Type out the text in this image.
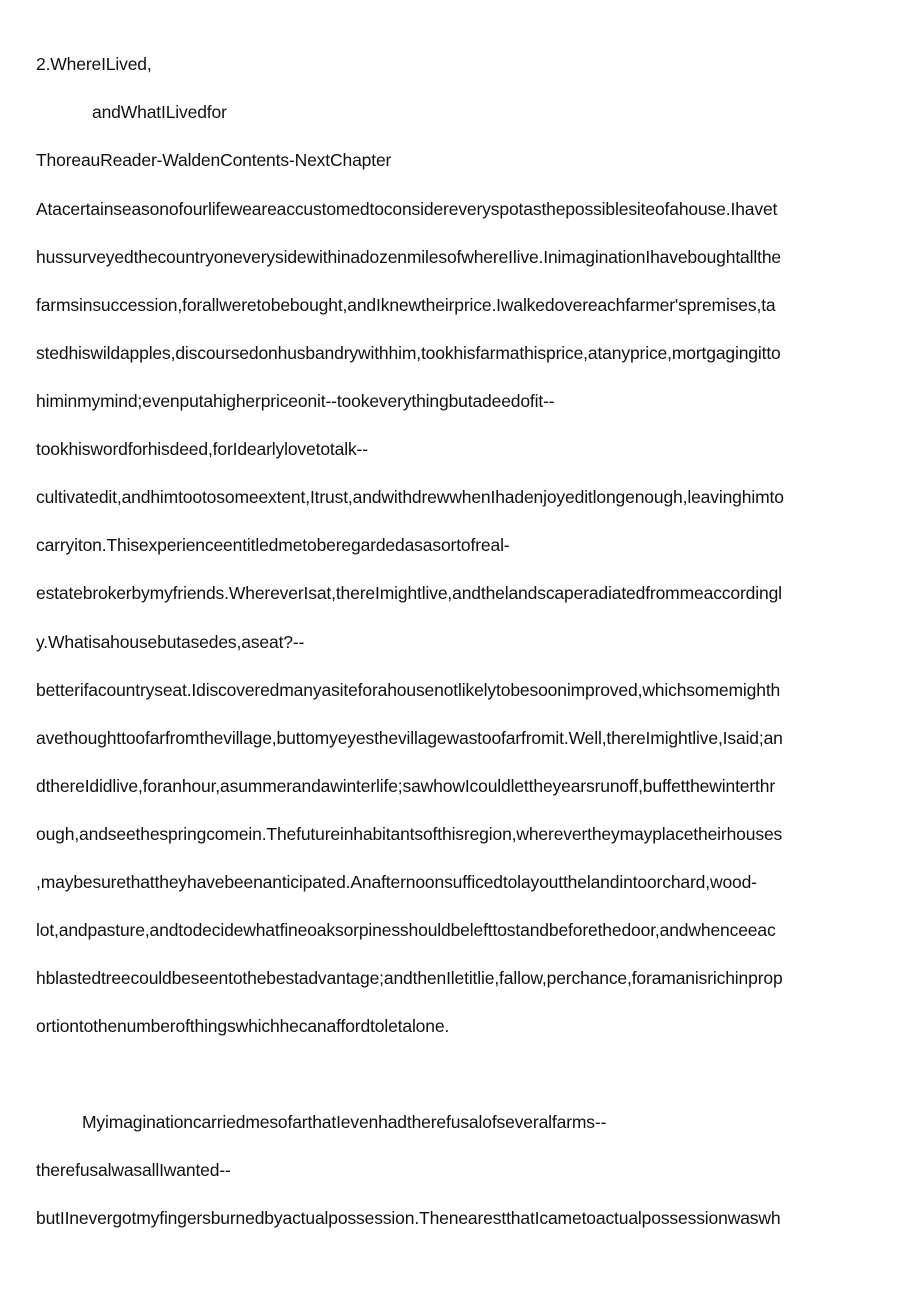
2.WhereILived,
andWhatILivedfor
ThoreauReader-WaldenContents-NextChapter
Atacertainseasonofourlifeweareaccustomedtoconsidereveryspotasthepossiblesiteofahouse.Ihavet
hussurveyedthecountryoneverysidewithinadozenmilesofwhereIlive.InimaginationIhaveboughtallthe
farmsinsuccession,forallweretobebought,andIknewtheirprice.Iwalkedovereachfarmer'spremises,ta
stedhiswildapples,discoursedonhusbandrywithhim,tookhisfarmathisprice,atanyprice,mortgagingitto
himinmymind;evenputahigherpriceonit--tookeverythingbutadeedofit--
tookhiswordforhisdeed,forIdearlylovetotalk--
cultivatedit,andhimtootosomeextent,Itrust,andwithdrewwhenIhadenjoyeditlongenough,leavinghimto
carryiton.Thisexperienceentitledmetoberegardedasasortofreal-
estatebrokerbymyfriends.WhereverIsat,thereImightlive,andthelandscaperadiatedfrommeaccordingl
y.Whatisahousebutasedes,aseat?--
betterifacountryseat.Idiscoveredmanyasiteforahousenotlikelytobesoonimproved,whichsomemighth
avethoughttoofarfromthevillage,buttomyeyesthevillagewastoofarfromit.Well,thereImightlive,Isaid;an
dthereIdidlive,foranhour,asummerandawinterlife;sawhowIcouldlettheyearsrunoff,buffetthewinterthr
ough,andseethespringcomein.Thefutureinhabitantsofthisregion,wherevertheymayplacetheirhouses
,maybesurethattheyhavebeenanticipated.Anafternoonsufficedtolayoutthelandintoorchard,wood-
lot,andpasture,andtodecidewhatfineoaksorpinesshouldbelefttostandbeforethedoor,andwhenceeac
hblastedtreecouldbeseentothebestadvantage;andthenIletitlie,fallow,perchance,foramanisrichinprop
ortiontothenumberofthingswhichhecanaffordtoletalone.
MyimaginationcarriedmesofarthatIevenhadtherefusalofseveralfarms--
therefusalwasallIwanted--
butIInevergotmyfingersburnedbyactualpossession.ThenearestthatIcametoactualpossessionwaswh
